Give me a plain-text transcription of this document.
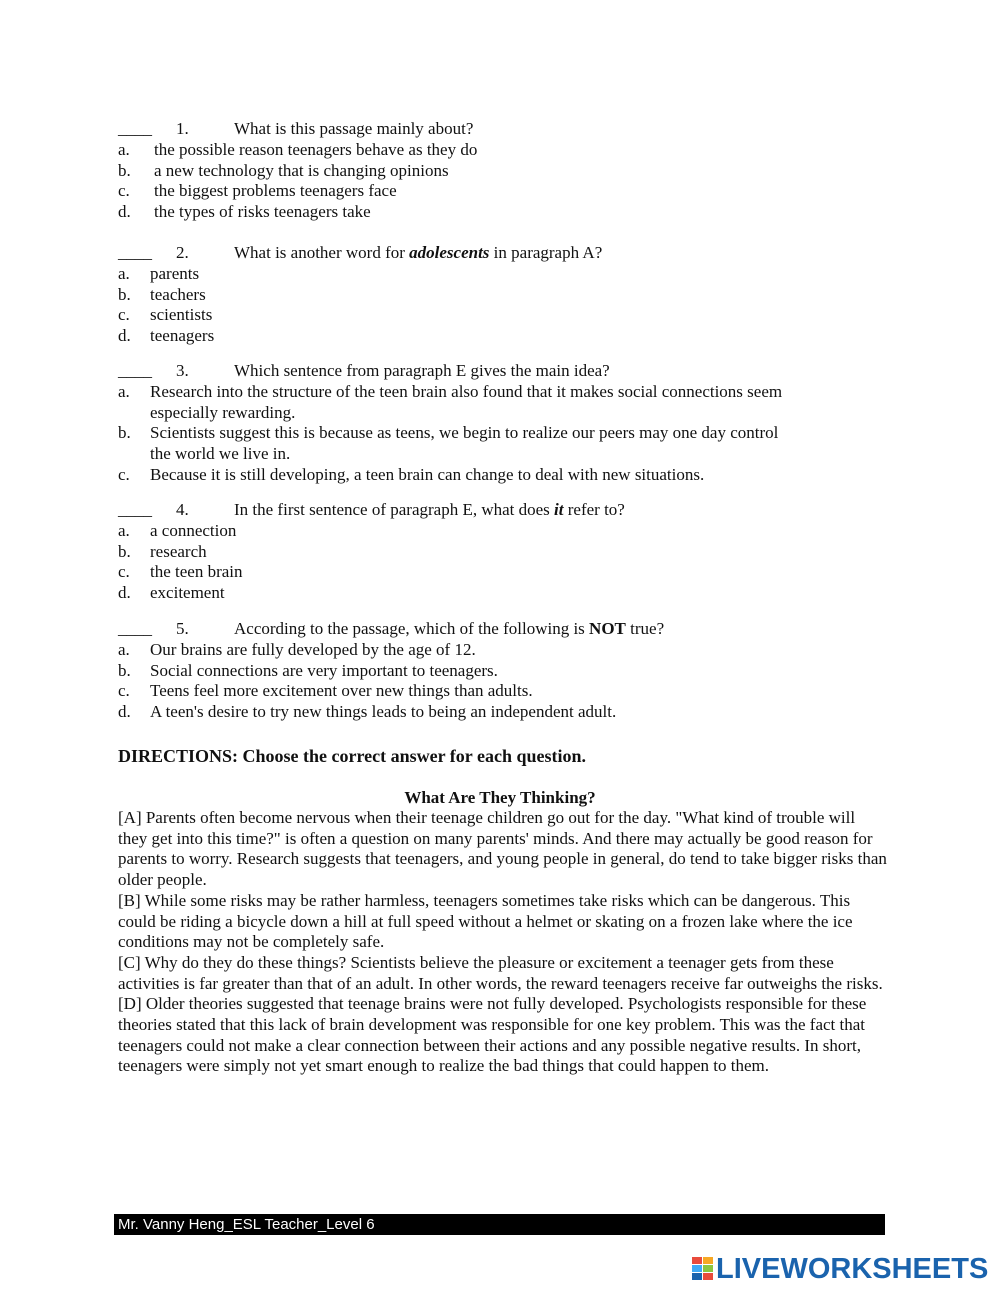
____ 1.	What is this passage mainly about?
a.	the possible reason teenagers behave as they do
b.	a new technology that is changing opinions
c.	the biggest problems teenagers face
d.	the types of risks teenagers take
____ 2.	What is another word for adolescents in paragraph A?
a.	parents
b.	teachers
c.	scientists
d.	teenagers
____ 3.	Which sentence from paragraph E gives the main idea?
a.	Research into the structure of the teen brain also found that it makes social connections seem especially rewarding.
b.	Scientists suggest this is because as teens, we begin to realize our peers may one day control the world we live in.
c.	Because it is still developing, a teen brain can change to deal with new situations.
____ 4.	In the first sentence of paragraph E, what does it refer to?
a.	a connection
b.	research
c.	the teen brain
d.	excitement
____ 5.	According to the passage, which of the following is NOT true?
a.	Our brains are fully developed by the age of 12.
b.	Social connections are very important to teenagers.
c.	Teens feel more excitement over new things than adults.
d.	A teen's desire to try new things leads to being an independent adult.
DIRECTIONS: Choose the correct answer for each question.
What Are They Thinking?

[A] Parents often become nervous when their teenage children go out for the day. "What kind of trouble will they get into this time?" is often a question on many parents' minds. And there may actually be good reason for parents to worry. Research suggests that teenagers, and young people in general, do tend to take bigger risks than older people.

[B] While some risks may be rather harmless, teenagers sometimes take risks which can be dangerous. This could be riding a bicycle down a hill at full speed without a helmet or skating on a frozen lake where the ice conditions may not be completely safe.

[C] Why do they do these things? Scientists believe the pleasure or excitement a teenager gets from these activities is far greater than that of an adult. In other words, the reward teenagers receive far outweighs the risks.

[D] Older theories suggested that teenage brains were not fully developed. Psychologists responsible for these theories stated that this lack of brain development was responsible for one key problem. This was the fact that teenagers could not make a clear connection between their actions and any possible negative results. In short, teenagers were simply not yet smart enough to realize the bad things that could happen to them.

Mr. Vanny Heng_ESL Teacher_Level 6
LIVEWORKSHEETS
